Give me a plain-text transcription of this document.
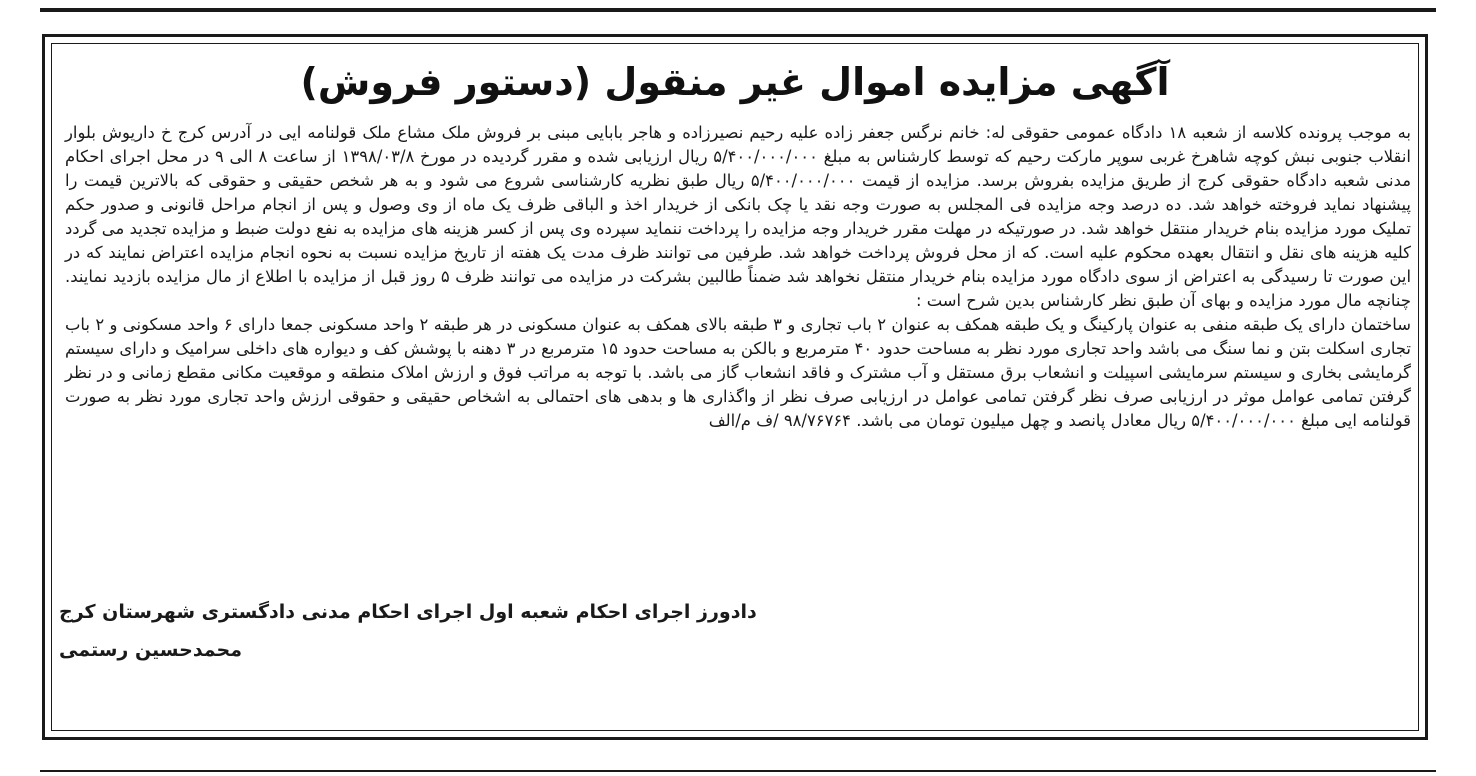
آگهی مزایده اموال غیر منقول (دستور فروش)

به موجب پرونده کلاسه از شعبه ۱۸ دادگاه عمومی حقوقی له: خانم نرگس جعفر زاده علیه رحیم نصیرزاده و هاجر بابایی مبنی بر فروش ملک مشاع ملک قولنامه ایی در آدرس کرج خ داریوش بلوار انقلاب جنوبی نبش کوچه شاهرخ غربی سوپر مارکت رحیم که توسط کارشناس به مبلغ ۵/۴۰۰/۰۰۰/۰۰۰ ریال ارزیابی شده و مقرر گردیده در مورخ ۱۳۹۸/۰۳/۸ از ساعت ۸ الی ۹ در محل اجرای احکام مدنی شعبه دادگاه حقوقی کرج از طریق مزایده بفروش برسد. مزایده از قیمت ۵/۴۰۰/۰۰۰/۰۰۰ ریال طبق نظریه کارشناسی شروع می شود و به هر شخص حقیقی و حقوقی که بالاترین قیمت را پیشنهاد نماید فروخته خواهد شد. ده درصد وجه مزایده فی المجلس به صورت وجه نقد یا چک بانکی از خریدار اخذ و الباقی ظرف یک ماه از وی وصول و پس از انجام مراحل قانونی و صدور حکم تملیک مورد مزایده بنام خریدار منتقل خواهد شد. در صورتیکه در مهلت مقرر خریدار وجه مزایده را پرداخت ننماید سپرده وی پس از کسر هزینه های مزایده به نفع دولت ضبط و مزایده تجدید می گردد کلیه هزینه های نقل و انتقال بعهده محکوم علیه است. که از محل فروش پرداخت خواهد شد. طرفین می توانند ظرف مدت یک هفته از تاریخ مزایده نسبت به نحوه انجام مزایده اعتراض نمایند که در این صورت تا رسیدگی به اعتراض از سوی دادگاه مورد مزایده بنام خریدار منتقل نخواهد شد ضمناً طالبین بشرکت در مزایده می توانند ظرف ۵ روز قبل از مزایده با اطلاع از مال مزایده بازدید نمایند. چنانچه مال مورد مزایده و بهای آن طبق نظر کارشناس بدین شرح است :

ساختمان دارای یک طبقه منفی به عنوان پارکینگ و یک طبقه همکف به عنوان ۲ باب تجاری و ۳ طبقه بالای همکف به عنوان مسکونی در هر طبقه ۲ واحد مسکونی جمعا دارای ۶ واحد مسکونی و ۲ باب تجاری اسکلت بتن و نما سنگ می باشد واحد تجاری مورد نظر به مساحت حدود ۴۰ مترمربع و بالکن به مساحت حدود ۱۵ مترمربع در ۳ دهنه با پوشش کف و دیواره های داخلی سرامیک و دارای سیستم گرمایشی بخاری و سیستم سرمایشی اسپیلت و انشعاب برق مستقل و آب مشترک و فاقد انشعاب گاز می باشد. با توجه به مراتب فوق و ارزش املاک منطقه و موقعیت مکانی مقطع زمانی و در نظر گرفتن تمامی عوامل موثر در ارزیابی صرف نظر گرفتن تمامی عوامل در ارزیابی صرف نظر از واگذاری ها و بدهی های احتمالی به اشخاص حقیقی و حقوقی ارزش واحد تجاری مورد نظر به صورت قولنامه ایی مبلغ ۵/۴۰۰/۰۰۰/۰۰۰ ریال معادل پانصد و چهل میلیون تومان می باشد. ۹۸/۷۶۷۶۴ /ف م/الف

دادورز اجرای احکام شعبه اول اجرای احکام مدنی دادگستری شهرستان کرج
محمدحسین رستمی
